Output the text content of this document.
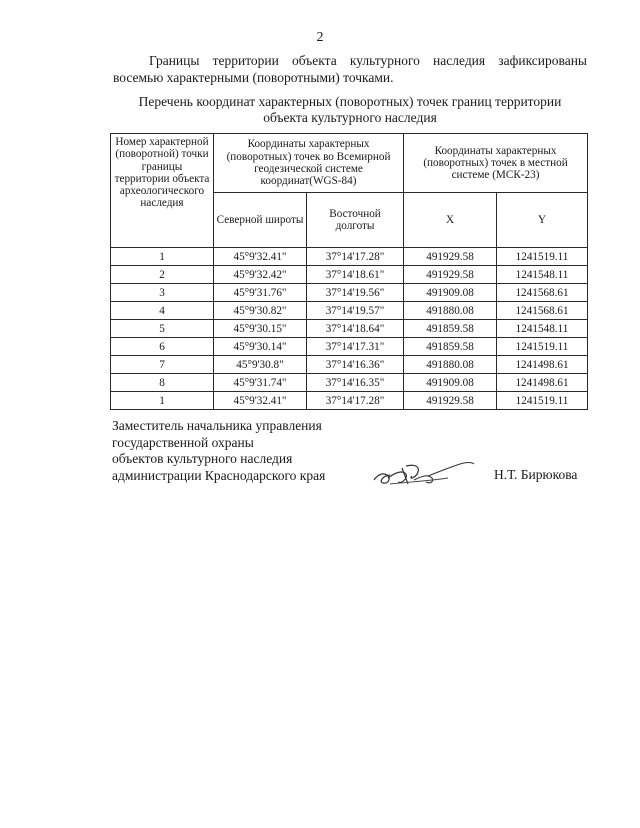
2
Границы территории объекта культурного наследия зафиксированы восемью характерными (поворотными) точками.
Перечень координат характерных (поворотных) точек границ территории
объекта культурного наследия
Номер характерной (поворотной) точки границы территории объекта археологического наследия	Координаты характерных (поворотных) точек во Всемирной геодезической системе координат(WGS-84)		Координаты характерных (поворотных) точек в местной системе (МСК-23)	
	Северной широты	Восточной долготы	X	Y
1	45°9'32.41"	37°14'17.28"	491929.58	1241519.11
2	45°9'32.42"	37°14'18.61"	491929.58	1241548.11
3	45°9'31.76"	37°14'19.56"	491909.08	1241568.61
4	45°9'30.82"	37°14'19.57"	491880.08	1241568.61
5	45°9'30.15"	37°14'18.64"	491859.58	1241548.11
6	45°9'30.14"	37°14'17.31"	491859.58	1241519.11
7	45°9'30.8"	37°14'16.36"	491880.08	1241498.61
8	45°9'31.74"	37°14'16.35"	491909.08	1241498.61
1	45°9'32.41"	37°14'17.28"	491929.58	1241519.11
Заместитель начальника управления
государственной охраны
объектов культурного наследия
администрации Краснодарского края	Н.Т. Бирюкова
